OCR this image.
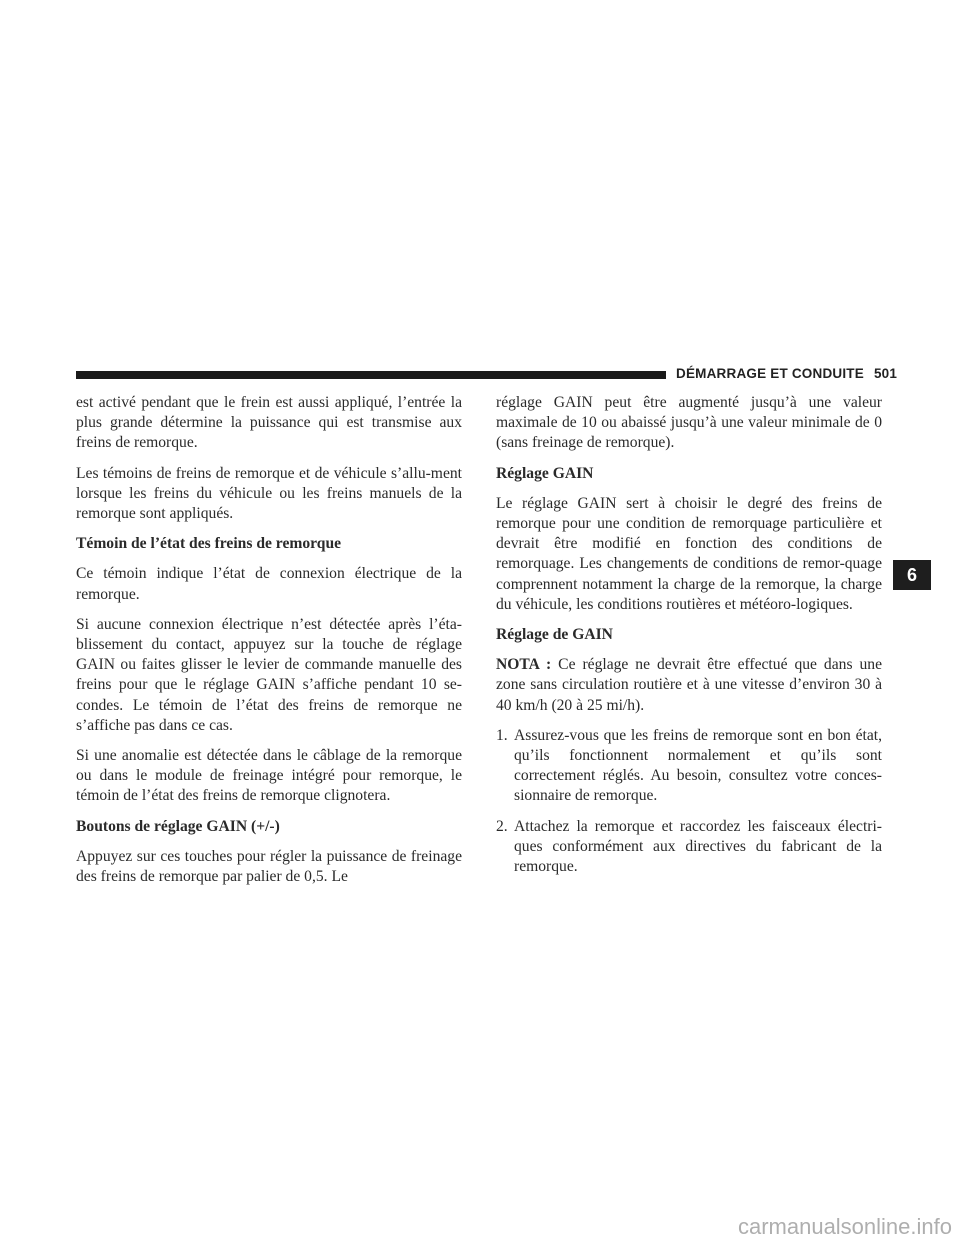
DÉMARRAGE ET CONDUITE 501

est activé pendant que le frein est aussi appliqué, l’entrée la plus grande détermine la puissance qui est transmise aux freins de remorque.

Les témoins de freins de remorque et de véhicule s’allu-ment lorsque les freins du véhicule ou les freins manuels de la remorque sont appliqués.

Témoin de l’état des freins de remorque

Ce témoin indique l’état de connexion électrique de la remorque.

Si aucune connexion électrique n’est détectée après l’éta-blissement du contact, appuyez sur la touche de réglage GAIN ou faites glisser le levier de commande manuelle des freins pour que le réglage GAIN s’affiche pendant 10 se-condes. Le témoin de l’état des freins de remorque ne s’affiche pas dans ce cas.

Si une anomalie est détectée dans le câblage de la remorque ou dans le module de freinage intégré pour remorque, le témoin de l’état des freins de remorque clignotera.

Boutons de réglage GAIN (+/-)

Appuyez sur ces touches pour régler la puissance de freinage des freins de remorque par palier de 0,5. Le

réglage GAIN peut être augmenté jusqu’à une valeur maximale de 10 ou abaissé jusqu’à une valeur minimale de 0 (sans freinage de remorque).

Réglage GAIN

Le réglage GAIN sert à choisir le degré des freins de remorque pour une condition de remorquage particulière et devrait être modifié en fonction des conditions de remorquage. Les changements de conditions de remor-quage comprennent notamment la charge de la remorque, la charge du véhicule, les conditions routières et météoro-logiques.

Réglage de GAIN

NOTA : Ce réglage ne devrait être effectué que dans une zone sans circulation routière et à une vitesse d’environ 30 à 40 km/h (20 à 25 mi/h).

1. Assurez-vous que les freins de remorque sont en bon état, qu’ils fonctionnent normalement et qu’ils sont correctement réglés. Au besoin, consultez votre conces-sionnaire de remorque.
2. Attachez la remorque et raccordez les faisceaux électri-ques conformément aux directives du fabricant de la remorque.
6
carmanualsonline.info
